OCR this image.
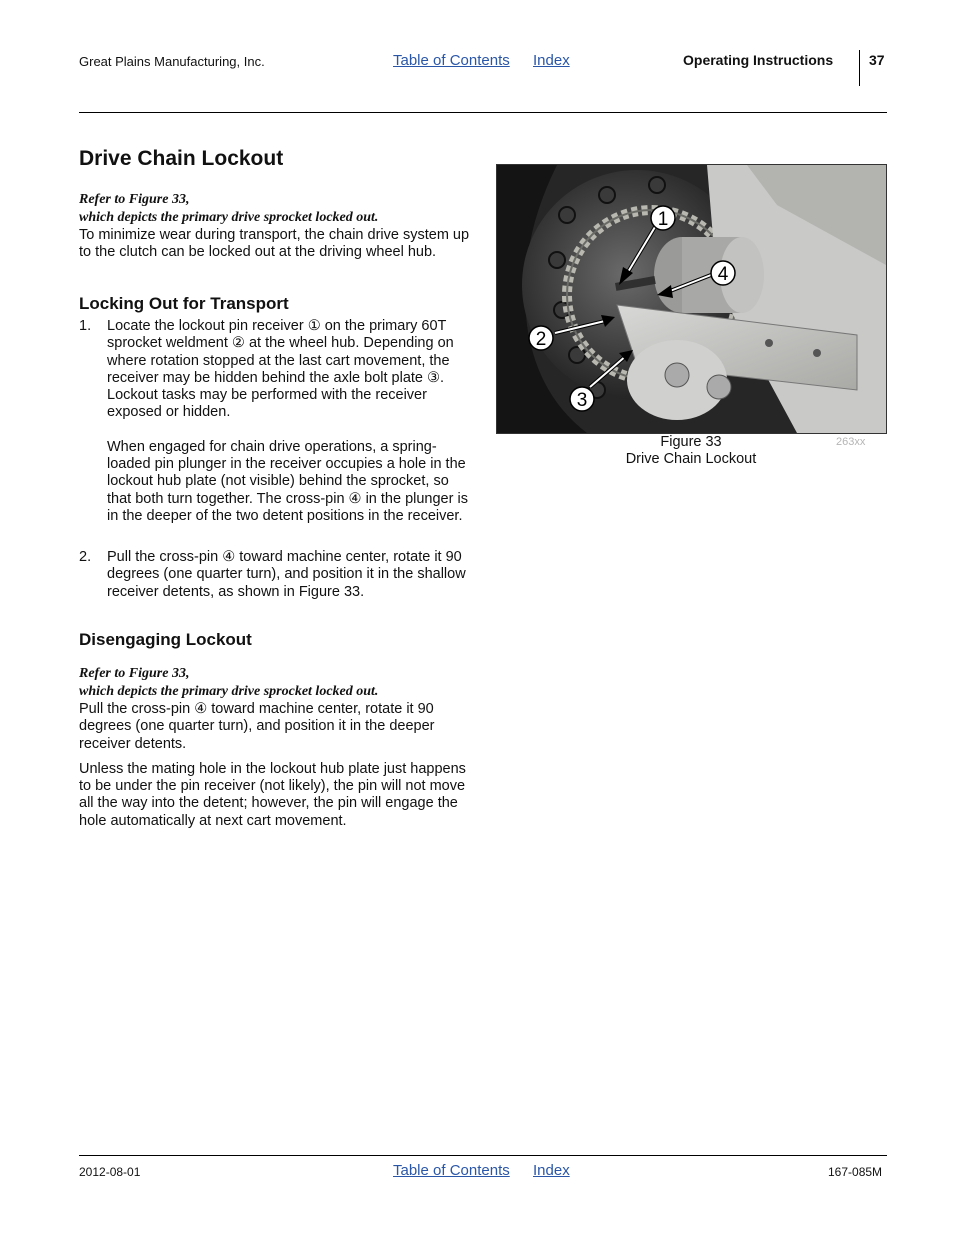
Great Plains Manufacturing, Inc.	Table of Contents Index	Operating Instructions	37
Drive Chain Lockout
Refer to Figure 33,
which depicts the primary drive sprocket locked out.

To minimize wear during transport, the chain drive system up to the clutch can be locked out at the driving wheel hub.

Locking Out for Transport
1. Locate the lockout pin receiver ① on the primary 60T sprocket weldment ② at the wheel hub. Depending on where rotation stopped at the last cart movement, the receiver may be hidden behind the axle bolt plate ③. Lockout tasks may be performed with the receiver exposed or hidden.

When engaged for chain drive operations, a spring-loaded pin plunger in the receiver occupies a hole in the lockout hub plate (not visible) behind the sprocket, so that both turn together. The cross-pin ④ in the plunger is in the deeper of the two detent positions in the receiver.

2. Pull the cross-pin ④ toward machine center, rotate it 90 degrees (one quarter turn), and position it in the shallow receiver detents, as shown in Figure 33.

Disengaging Lockout
Refer to Figure 33,
which depicts the primary drive sprocket locked out.

Pull the cross-pin ④ toward machine center, rotate it 90 degrees (one quarter turn), and position it in the deeper receiver detents.

Unless the mating hole in the lockout hub plate just happens to be under the pin receiver (not likely), the pin will not move all the way into the detent; however, the pin will engage the hole automatically at next cart movement.

1
4
2
3
Figure 33
Drive Chain Lockout
263xx
2012-08-01	Table of Contents Index	167-085M
